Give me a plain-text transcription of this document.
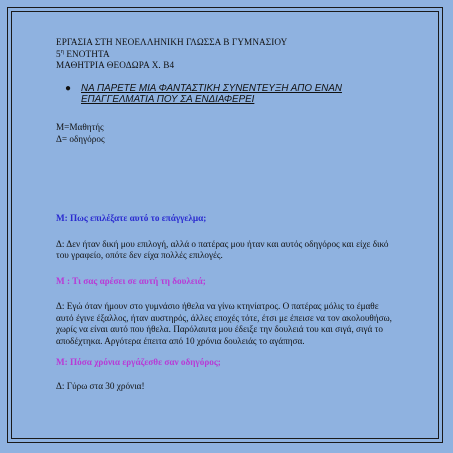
ΕΡΓΑΣΙΑ ΣΤΗ ΝΕΟΕΛΛΗΝΙΚΗ ΓΛΩΣΣΑ Β ΓΥΜΝΑΣΙΟΥ
$5^\eta$ ΕΝΟΤΗΤΑ
ΜΑΘΗΤΡΙΑ ΘΕΟΔΩΡΑ Χ. Β4
●	ΝΑ ΠΑΡΕΤΕ ΜΙΑ ΦΑΝΤΑΣΤΙΚΗ ΣΥΝΕΝΤΕΥΞΗ ΑΠΟ ΕΝΑΝ ΕΠΑΓΓΕΛΜΑΤΙΑ ΠΟΥ ΣΑ ΕΝΔΙΑΦΕΡΕΙ
Μ=Μαθητής
Δ= οδηγόρος
Μ: Πως επιλέξατε αυτό το επάγγελμα;
Δ: Δεν ήταν δική μου επιλογή, αλλά ο πατέρας μου ήταν και αυτός οδηγόρος και είχε δικό του γραφείο, οπότε δεν είχα πολλές επιλογές.
Μ : Τι σας αρέσει σε αυτή τη δουλειά;
Δ: Εγώ όταν ήμουν στο γυμνάσιο ήθελα να γίνω κτηνίατρος. Ο πατέρας μόλις το έμαθε αυτό έγινε έξαλλος, ήταν αυστηρός, άλλες εποχές τότε, έτσι με έπεισε να τον ακολουθήσω, χωρίς να είναι αυτό που ήθελα. Παρόλαυτα μου έδειξε την δουλειά του και σιγά, σιγά το αποδέχτηκα. Αργότερα έπειτα από 10 χρόνια δουλειάς το αγάπησα.
Μ: Πόσα χρόνια εργάζεσθε σαν οδηγόρος;
Δ: Γύρω στα 30 χρόνια!
